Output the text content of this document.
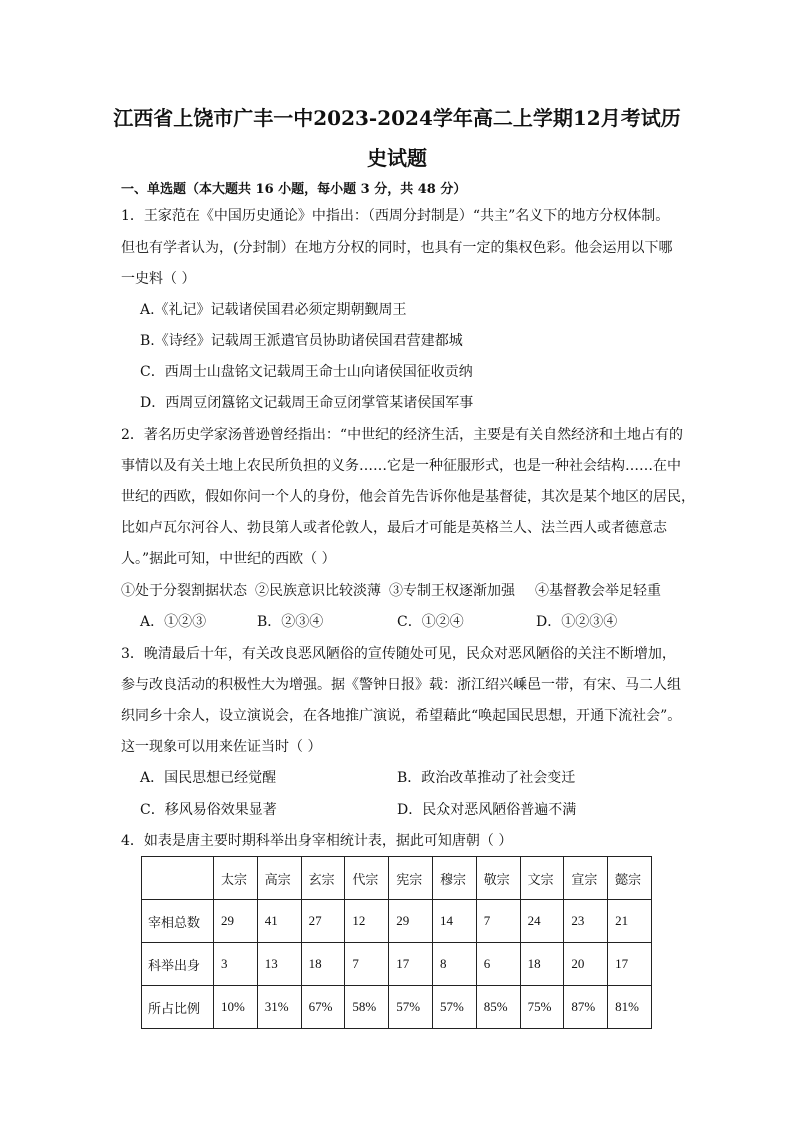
江西省上饶市广丰一中2023-2024学年高二上学期12月考试历
史试题
一、单选题（本大题共 16 小题，每小题 3 分，共 48 分）
1．王家范在《中国历史通论》中指出：（西周分封制是）“共主”名义下的地方分权体制。
但也有学者认为，(分封制）在地方分权的同时，也具有一定的集权色彩。他会运用以下哪
一史料（ ）
A.《礼记》记载诸侯国君必须定期朝觐周王
B.《诗经》记载周王派遣官员协助诸侯国君营建都城
C．西周士山盘铭文记载周王命士山向诸侯国征收贡纳
D．西周豆闭簋铭文记载周王命豆闭掌管某诸侯国军事
2．著名历史学家汤普逊曾经指出：“中世纪的经济生活，主要是有关自然经济和土地占有的
事情以及有关土地上农民所负担的义务……它是一种征服形式，也是一种社会结构……在中
世纪的西欧，假如你问一个人的身份，他会首先告诉你他是基督徒，其次是某个地区的居民，
比如卢瓦尔河谷人、勃艮第人或者伦敦人，最后才可能是英格兰人、法兰西人或者德意志
人。”据此可知，中世纪的西欧（ ）
①处于分裂割据状态 ②民族意识比较淡薄 ③专制王权逐渐加强 ④基督教会举足轻重
A．①②③	B．②③④	C．①②④	D．①②③④
3．晚清最后十年，有关改良恶风陋俗的宣传随处可见，民众对恶风陋俗的关注不断增加，
参与改良活动的积极性大为增强。据《警钟日报》载：浙江绍兴嵊邑一带，有宋、马二人组
织同乡十余人，设立演说会，在各地推广演说，希望藉此“唤起国民思想，开通下流社会”。
这一现象可以用来佐证当时（ ）
A．国民思想已经觉醒	B．政治改革推动了社会变迁
C．移风易俗效果显著	D．民众对恶风陋俗普遍不满
4．如表是唐主要时期科举出身宰相统计表，据此可知唐朝（ ）
	太宗	高宗	玄宗	代宗	宪宗	穆宗	敬宗	文宗	宣宗	懿宗
宰相总数	29	41	27	12	29	14	7	24	23	21
科举出身	3	13	18	7	17	8	6	18	20	17
所占比例	10%	31%	67%	58%	57%	57%	85%	75%	87%	81%
